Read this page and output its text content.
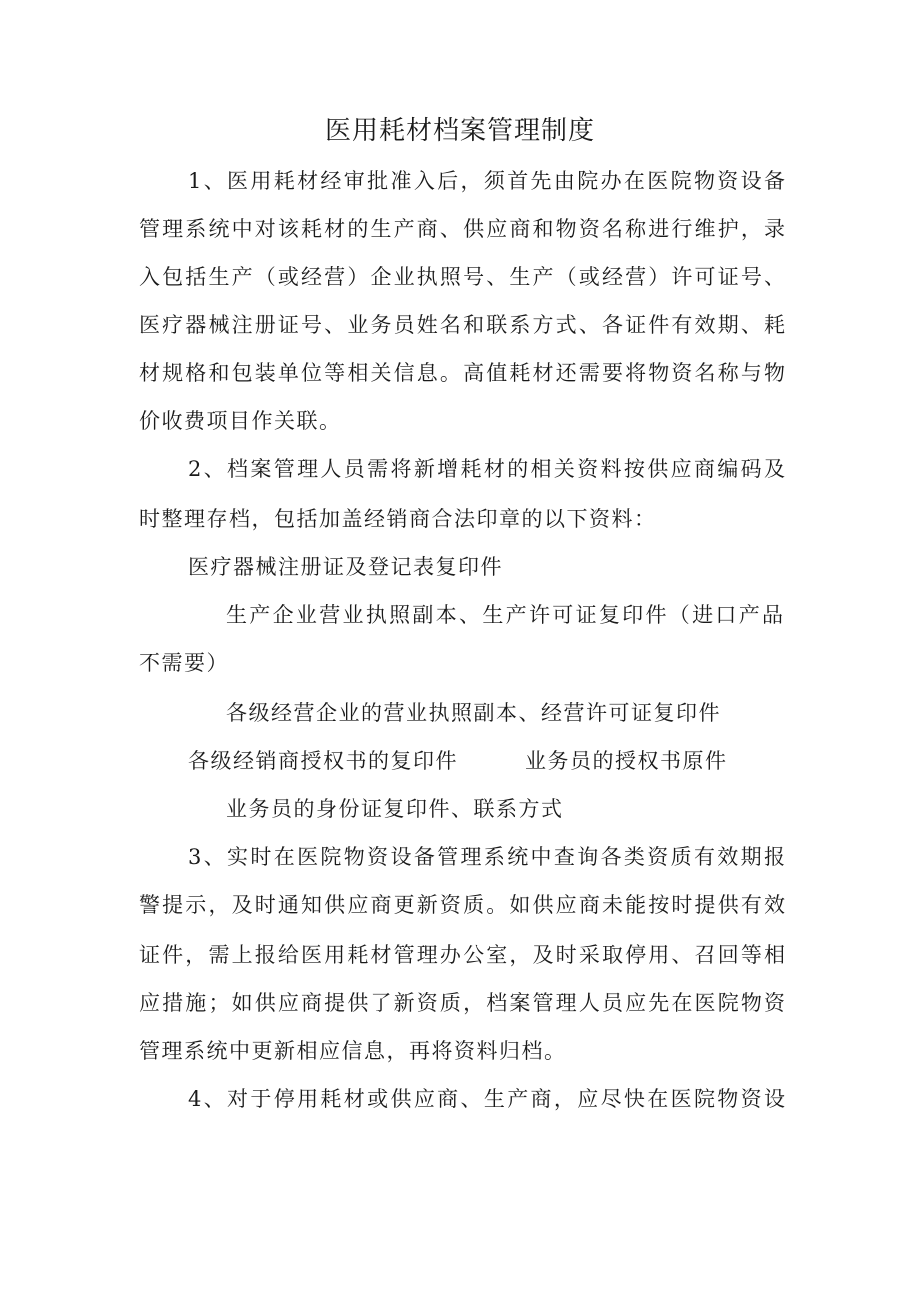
医用耗材档案管理制度
1、医用耗材经审批准入后，须首先由院办在医院物资设备
管理系统中对该耗材的生产商、供应商和物资名称进行维护，录
入包括生产（或经营）企业执照号、生产（或经营）许可证号、
医疗器械注册证号、业务员姓名和联系方式、各证件有效期、耗
材规格和包装单位等相关信息。高值耗材还需要将物资名称与物
价收费项目作关联。
2、档案管理人员需将新增耗材的相关资料按供应商编码及
时整理存档，包括加盖经销商合法印章的以下资料：
医疗器械注册证及登记表复印件
生产企业营业执照副本、生产许可证复印件（进口产品
不需要）
各级经营企业的营业执照副本、经营许可证复印件
各级经销商授权书的复印件	业务员的授权书原件
业务员的身份证复印件、联系方式
3、实时在医院物资设备管理系统中查询各类资质有效期报
警提示，及时通知供应商更新资质。如供应商未能按时提供有效
证件，需上报给医用耗材管理办公室，及时采取停用、召回等相
应措施；如供应商提供了新资质，档案管理人员应先在医院物资
管理系统中更新相应信息，再将资料归档。
4、对于停用耗材或供应商、生产商，应尽快在医院物资设
